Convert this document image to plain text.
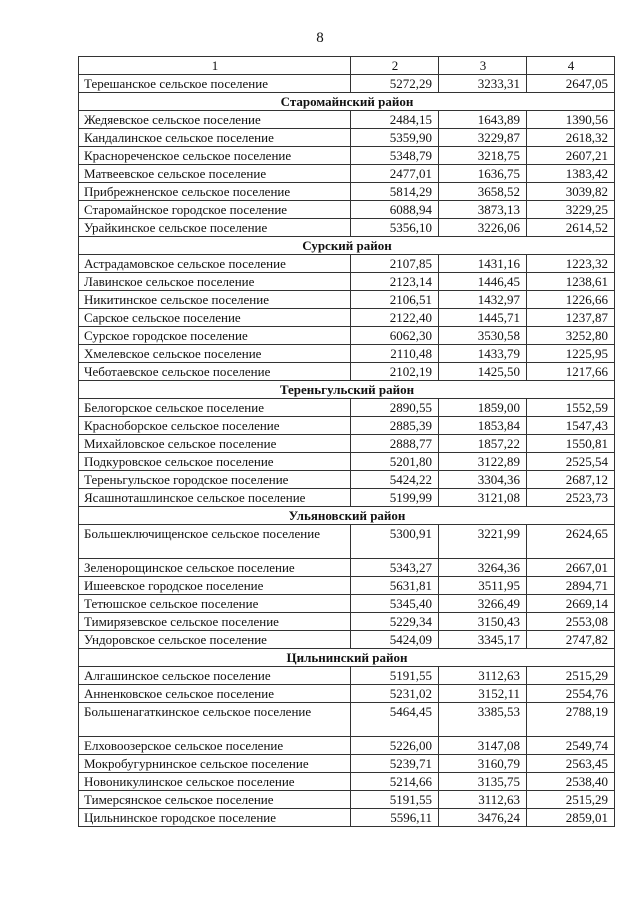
8
1	2	3	4
Терешанское сельское поселение	5272,29	3233,31	2647,05
Старомайнский район			
Жедяевское сельское поселение	2484,15	1643,89	1390,56
Кандалинское сельское поселение	5359,90	3229,87	2618,32
Краснореченское сельское поселение	5348,79	3218,75	2607,21
Матвеевское сельское поселение	2477,01	1636,75	1383,42
Прибрежненское сельское поселение	5814,29	3658,52	3039,82
Старомайнское городское поселение	6088,94	3873,13	3229,25
Урайкинское сельское поселение	5356,10	3226,06	2614,52
Сурский район			
Астрадамовское сельское поселение	2107,85	1431,16	1223,32
Лавинское сельское поселение	2123,14	1446,45	1238,61
Никитинское сельское поселение	2106,51	1432,97	1226,66
Сарское сельское поселение	2122,40	1445,71	1237,87
Сурское городское поселение	6062,30	3530,58	3252,80
Хмелевское сельское поселение	2110,48	1433,79	1225,95
Чеботаевское сельское поселение	2102,19	1425,50	1217,66
Тереньгульский район			
Белогорское сельское поселение	2890,55	1859,00	1552,59
Красноборское сельское поселение	2885,39	1853,84	1547,43
Михайловское сельское поселение	2888,77	1857,22	1550,81
Подкуровское сельское поселение	5201,80	3122,89	2525,54
Тереньгульское городское поселение	5424,22	3304,36	2687,12
Ясашноташлинское сельское поселение	5199,99	3121,08	2523,73
Ульяновский район			
Большеключищенское сельское поселение	5300,91	3221,99	2624,65
Зеленорощинское сельское поселение	5343,27	3264,36	2667,01
Ишеевское городское поселение	5631,81	3511,95	2894,71
Тетюшское сельское поселение	5345,40	3266,49	2669,14
Тимирязевское сельское поселение	5229,34	3150,43	2553,08
Ундоровское сельское поселение	5424,09	3345,17	2747,82
Цильнинский район			
Алгашинское сельское поселение	5191,55	3112,63	2515,29
Анненковское сельское поселение	5231,02	3152,11	2554,76
Большенагаткинское сельское поселение	5464,45	3385,53	2788,19
Елховоозерское сельское поселение	5226,00	3147,08	2549,74
Мокробугурнинское сельское поселение	5239,71	3160,79	2563,45
Новоникулинское сельское поселение	5214,66	3135,75	2538,40
Тимерсянское сельское поселение	5191,55	3112,63	2515,29
Цильнинское городское поселение	5596,11	3476,24	2859,01
